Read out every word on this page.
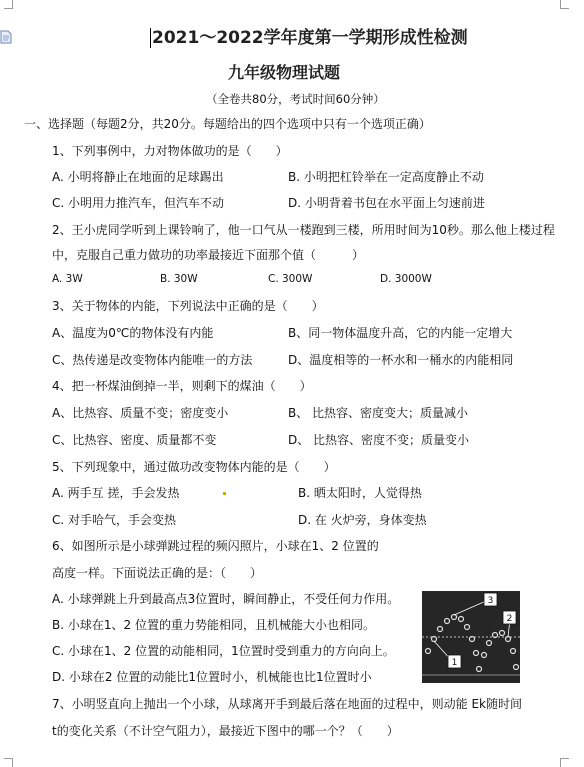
2021～2022学年度第一学期形成性检测
九年级物理试题
（全卷共80分，考试时间60分钟）
一、选择题（每题2分，共20分。每题给出的四个选项中只有一个选项正确）
1、下列事例中，力对物体做功的是（　　）
A. 小明将静止在地面的足球踢出	B. 小明把杠铃举在一定高度静止不动
C. 小明用力推汽车，但汽车不动	D. 小明背着书包在水平面上匀速前进
2、王小虎同学听到上课铃响了，他一口气从一楼跑到三楼，所用时间为10秒。那么他上楼过程
中，克服自己重力做功的功率最接近下面那个值（　　　）
A. 3W	B. 30W	C. 300W	D. 3000W
3、关于物体的内能，下列说法中正确的是（　　）
A、温度为0℃的物体没有内能	B、同一物体温度升高，它的内能一定增大
C、热传递是改变物体内能唯一的方法	D、温度相等的一杯水和一桶水的内能相同
4、把一杯煤油倒掉一半，则剩下的煤油（　　）
A、比热容、质量不变；密度变小	B、 比热容、密度变大；质量减小
C、比热容、密度、质量都不变	D、 比热容、密度不变；质量变小
5、下列现象中，通过做功改变物体内能的是（　　）
A. 两手互 搓，手会发热	B. 晒太阳时，人觉得热
C. 对手哈气，手会变热	D. 在 火炉旁，身体变热
6、如图所示是小球弹跳过程的频闪照片，小球在1、2 位置的
高度一样。下面说法正确的是：（　　）
A. 小球弹跳上升到最高点3位置时，瞬间静止，不受任何力作用。
B. 小球在1、2 位置的重力势能相同，且机械能大小也相同。
C. 小球在1、2 位置的动能相同，1位置时受到重力的方向向上。
D. 小球在2 位置的动能比1位置时小，机械能也比1位置时小
3
2
1
7、小明竖直向上抛出一个小球，从球离开手到最后落在地面的过程中，则动能 Ek随时间
t的变化关系（不计空气阻力），最接近下图中的哪一个？（　　）
